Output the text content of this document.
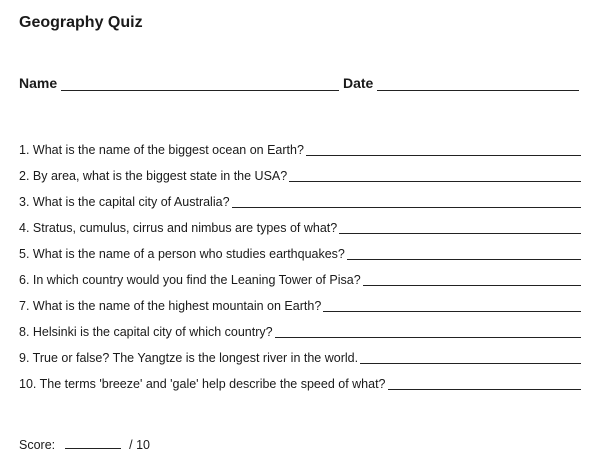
Geography Quiz
Name	Date
1. What is the name of the biggest ocean on Earth?
2. By area, what is the biggest state in the USA?
3. What is the capital city of Australia?
4. Stratus, cumulus, cirrus and nimbus are types of what?
5. What is the name of a person who studies earthquakes?
6. In which country would you find the Leaning Tower of Pisa?
7. What is the name of the highest mountain on Earth?
8. Helsinki is the capital city of which country?
9. True or false? The Yangtze is the longest river in the world.
10. The terms 'breeze' and 'gale' help describe the speed of what?
Score:	/ 10
